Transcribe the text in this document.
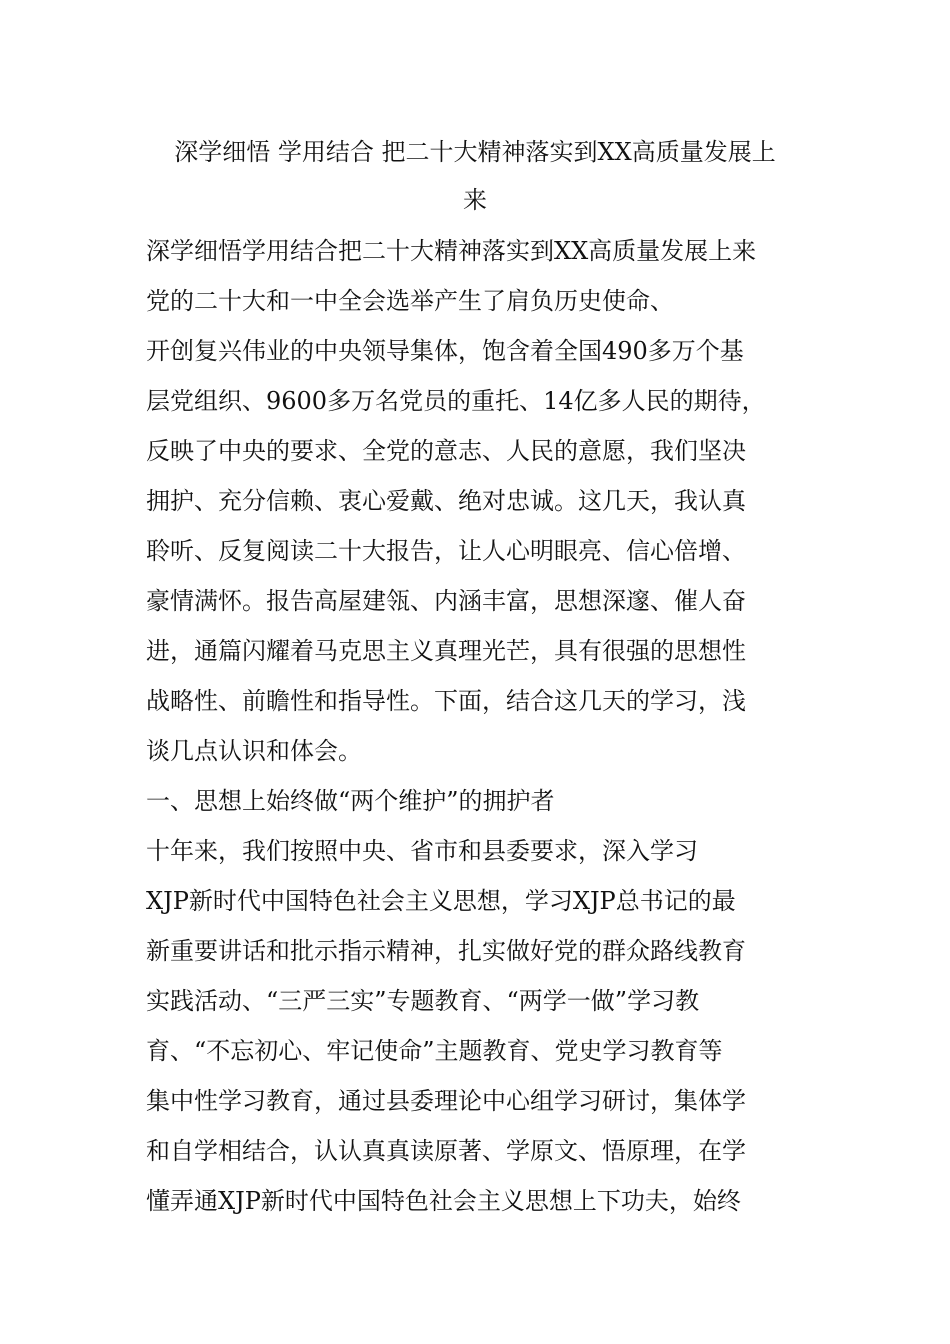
深学细悟 学用结合 把二十大精神落实到XX高质量发展上
来
深学细悟学用结合把二十大精神落实到XX高质量发展上来
党的二十大和一中全会选举产生了肩负历史使命、
开创复兴伟业的中央领导集体，饱含着全国490多万个基
层党组织、9600多万名党员的重托、14亿多人民的期待，
反映了中央的要求、全党的意志、人民的意愿，我们坚决
拥护、充分信赖、衷心爱戴、绝对忠诚。这几天，我认真
聆听、反复阅读二十大报告，让人心明眼亮、信心倍增、
豪情满怀。报告高屋建瓴、内涵丰富，思想深邃、催人奋
进，通篇闪耀着马克思主义真理光芒，具有很强的思想性
战略性、前瞻性和指导性。下面，结合这几天的学习，浅
谈几点认识和体会。
一、思想上始终做“两个维护”的拥护者
十年来，我们按照中央、省市和县委要求，深入学习
XJP新时代中国特色社会主义思想，学习XJP总书记的最
新重要讲话和批示指示精神，扎实做好党的群众路线教育
实践活动、“三严三实”专题教育、“两学一做”学习教
育、“不忘初心、牢记使命”主题教育、党史学习教育等
集中性学习教育，通过县委理论中心组学习研讨，集体学
和自学相结合，认认真真读原著、学原文、悟原理，在学
懂弄通XJP新时代中国特色社会主义思想上下功夫，始终
